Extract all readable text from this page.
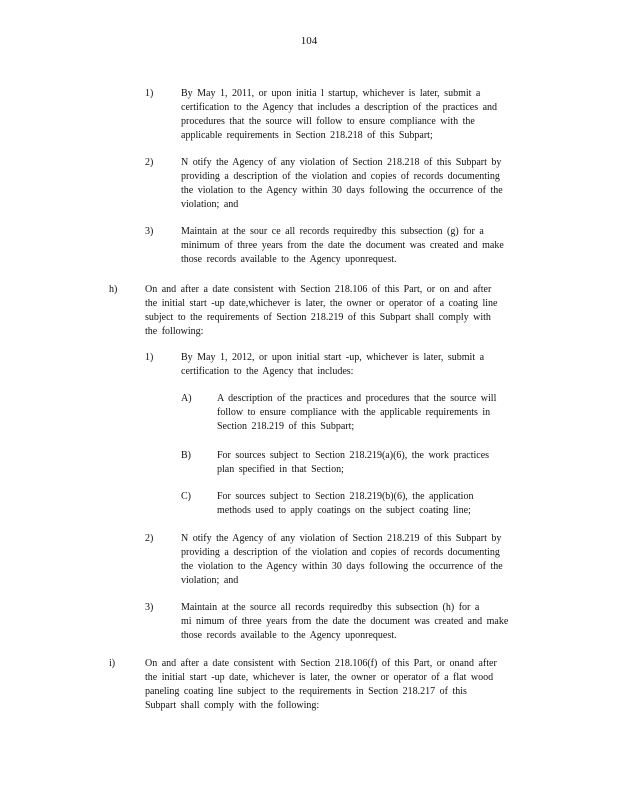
104
1)	By May 1, 2011, or upon initia l startup, whichever is later, submit a

certification to the Agency that includes a description of the practices and

procedures that the source will follow to ensure compliance with the

applicable requirements in Section 218.218 of this Subpart;

2)	N otify the Agency of any violation of Section 218.218 of this Subpart by

providing a description of the violation and copies of records documenting

the violation to the Agency within 30 days following the occurrence of the

violation; and

3)	Maintain at the sour ce all records requiredby this subsection (g) for a

minimum of three years from the date the document was created and make

those records available to the Agency uponrequest.

h)	On and after a date consistent with Section 218.106 of this Part, or on and after

the initial start -up date,whichever is later, the owner or operator of a coating line

subject to the requirements of Section 218.219 of this Subpart shall comply with

the following:

1)	By May 1, 2012, or upon initial start -up, whichever is later, submit a

certification to the Agency that includes:

A)	A description of the practices and procedures that the source will

follow to ensure compliance with the applicable requirements in

Section 218.219 of this Subpart;

B)	For sources subject to Section 218.219(a)(6), the work practices

plan specified in that Section;

C)	For sources subject to Section 218.219(b)(6), the application

methods used to apply coatings on the subject coating line;

2)	N otify the Agency of any violation of Section 218.219 of this Subpart by

providing a description of the violation and copies of records documenting

the violation to the Agency within 30 days following the occurrence of the

violation; and

3)	Maintain at the source all records requiredby this subsection (h) for a

mi nimum of three years from the date the document was created and make

those records available to the Agency uponrequest.

i)	On and after a date consistent with Section 218.106(f) of this Part, or onand after

the initial start -up date, whichever is later, the owner or operator of a flat wood

paneling coating line subject to the requirements in Section 218.217 of this

Subpart shall comply with the following:
